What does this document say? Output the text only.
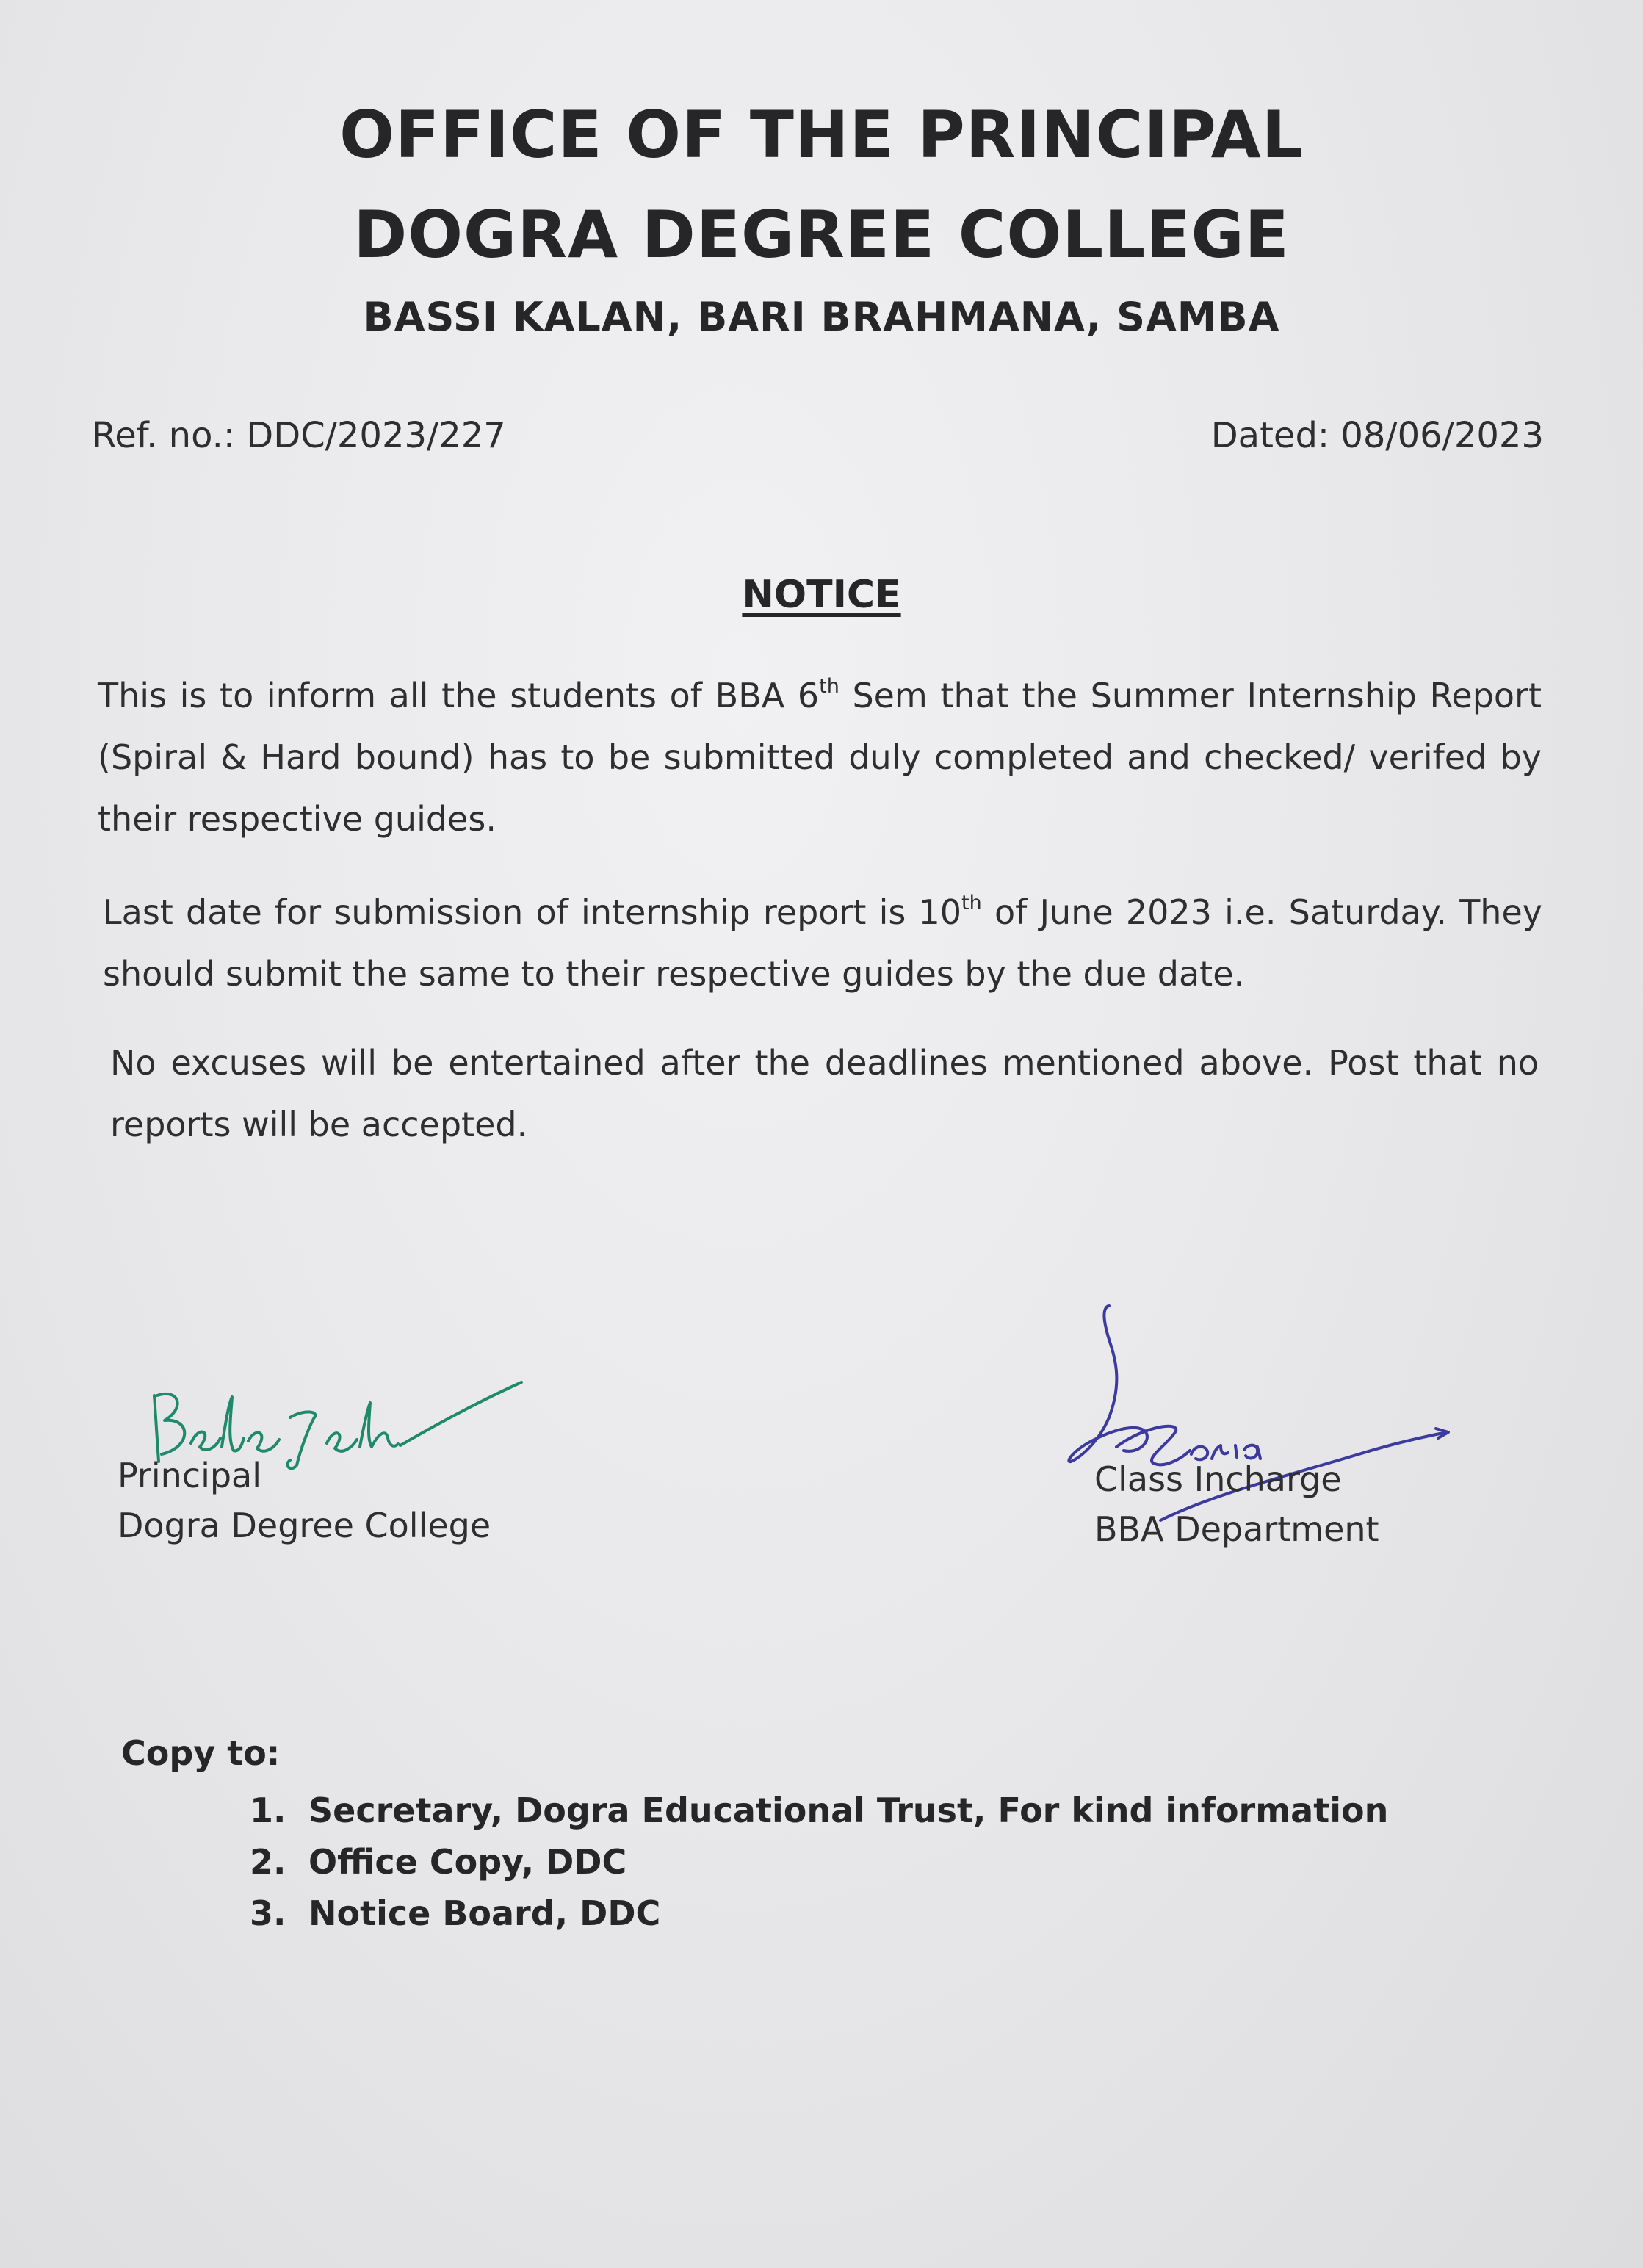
OFFICE OF THE PRINCIPAL
DOGRA DEGREE COLLEGE
BASSI KALAN, BARI BRAHMANA, SAMBA
Ref. no.: DDC/2023/227	Dated: 08/06/2023
NOTICE
This is to inform all the students of BBA 6th Sem that the Summer Internship Report (Spiral & Hard bound) has to be submitted duly completed and checked/ verifed by their respective guides.
Last date for submission of internship report is 10th of June 2023 i.e. Saturday. They should submit the same to their respective guides by the due date.
No excuses will be entertained after the deadlines mentioned above. Post that no reports will be accepted.
Principal
Dogra Degree College
Class Incharge
BBA Department
Copy to:
1. Secretary, Dogra Educational Trust, For kind information
2. Office Copy, DDC
3. Notice Board, DDC
